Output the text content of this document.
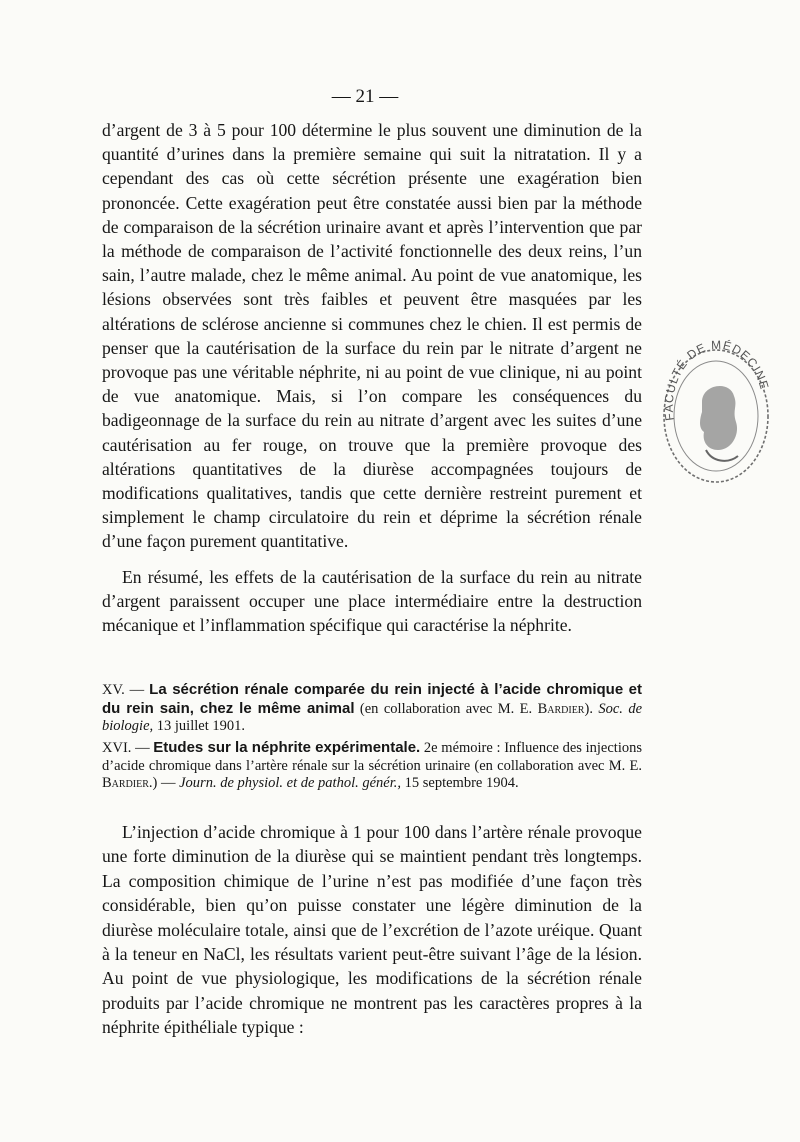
— 21 —

d’argent de 3 à 5 pour 100 détermine le plus souvent une diminution de la quantité d’urines dans la première semaine qui suit la nitratation. Il y a cependant des cas où cette sécrétion présente une exagération bien prononcée. Cette exagération peut être constatée aussi bien par la méthode de comparaison de la sécrétion urinaire avant et après l’intervention que par la méthode de comparaison de l’activité fonctionnelle des deux reins, l’un sain, l’autre malade, chez le même animal. Au point de vue anatomique, les lésions observées sont très faibles et peuvent être masquées par les altérations de sclérose ancienne si communes chez le chien. Il est permis de penser que la cautérisation de la surface du rein par le nitrate d’argent ne provoque pas une véritable néphrite, ni au point de vue clinique, ni au point de vue anatomique. Mais, si l’on compare les conséquences du badigeonnage de la surface du rein au nitrate d’argent avec les suites d’une cautérisation au fer rouge, on trouve que la première provoque des altérations quantitatives de la diurèse accompagnées toujours de modifications qualitatives, tandis que cette dernière restreint purement et simplement le champ circulatoire du rein et déprime la sécrétion rénale d’une façon purement quantitative.

En résumé, les effets de la cautérisation de la surface du rein au nitrate d’argent paraissent occuper une place intermédiaire entre la destruction mécanique et l’inflammation spécifique qui caractérise la néphrite.

XV. — La sécrétion rénale comparée du rein injecté à l’acide chromique et du rein sain, chez le même animal (en collaboration avec M. E. Bardier). Soc. de biologie, 13 juillet 1901.

XVI. — Etudes sur la néphrite expérimentale. 2e mémoire : Influence des injections d’acide chromique dans l’artère rénale sur la sécrétion urinaire (en collaboration avec M. E. Bardier.) — Journ. de physiol. et de pathol. génér., 15 septembre 1904.

L’injection d’acide chromique à 1 pour 100 dans l’artère rénale provoque une forte diminution de la diurèse qui se maintient pendant très longtemps. La composition chimique de l’urine n’est pas modifiée d’une façon très considérable, bien qu’on puisse constater une légère diminution de la diurèse moléculaire totale, ainsi que de l’excrétion de l’azote uréique. Quant à la teneur en NaCl, les résultats varient peut-être suivant l’âge de la lésion. Au point de vue physiologique, les modifications de la sécrétion rénale produits par l’acide chromique ne montrent pas les caractères propres à la néphrite épithéliale typique :

FACULTÉ DE MÉDECINE
